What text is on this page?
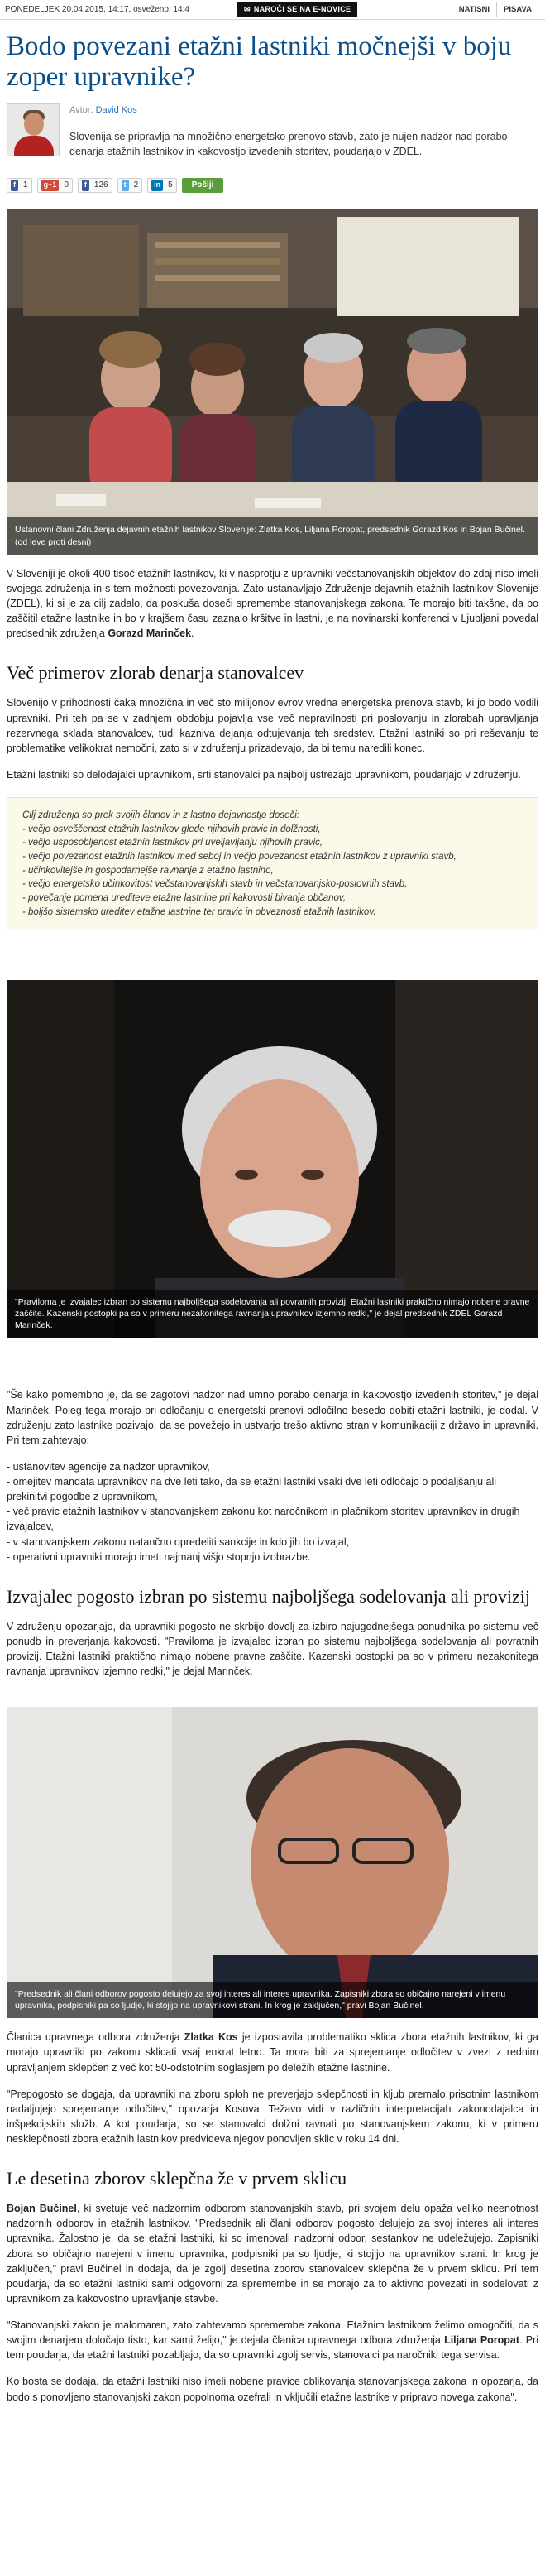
PONEDELJEK 20.04.2015, 14:17, osveženo: 14:4	✉ NAROČI SE NA E-NOVICE	NATISNI	PISAVA
Bodo povezani etažni lastniki močnejši v boju zoper upravnike?
Avtor: David Kos
Slovenija se pripravlja na množično energetsko prenovo stavb, zato je nujen nadzor nad porabo denarja etažnih lastnikov in kakovostjo izvedenih storitev, poudarjajo v ZDEL.
f 1	g+1 0	f 126	t 2	in 5 Pošlji
Ustanovni člani Združenja dejavnih etažnih lastnikov Slovenije: Zlatka Kos, Liljana Poropat, predsednik Gorazd Kos in Bojan Bučinel. (od leve proti desni)

V Sloveniji je okoli 400 tisoč etažnih lastnikov, ki v nasprotju z upravniki večstanovanjskih objektov do zdaj niso imeli svojega združenja in s tem možnosti povezovanja. Zato ustanavljajo Združenje dejavnih etažnih lastnikov Slovenije (ZDEL), ki si je za cilj zadalo, da poskuša doseči spremembe stanovanjskega zakona. Te morajo biti takšne, da bo zaščitil etažne lastnike in bo v krajšem času zaznalo kršitve in lastni, je na novinarski konferenci v Ljubljani povedal predsednik združenja Gorazd Marinček.

Več primerov zlorab denarja stanovalcev

Slovenijo v prihodnosti čaka množična in več sto milijonov evrov vredna energetska prenova stavb, ki jo bodo vodili upravniki. Pri teh pa se v zadnjem obdobju pojavlja vse več nepravilnosti pri poslovanju in zlorabah upravljanja rezervnega sklada stanovalcev, tudi kazniva dejanja odtujevanja teh sredstev. Etažni lastniki so pri reševanju te problematike velikokrat nemočni, zato si v združenju prizadevajo, da bi temu naredili konec.

Etažni lastniki so delodajalci upravnikom, srti stanovalci pa najbolj ustrezajo upravnikom, poudarjajo v združenju.

Cilj združenja so prek svojih članov in z lastno dejavnostjo doseči:
- večjo osveščenost etažnih lastnikov glede njihovih pravic in dolžnosti,
- večjo usposobljenost etažnih lastnikov pri uveljavljanju njihovih pravic,
- večjo povezanost etažnih lastnikov med seboj in večjo povezanost etažnih lastnikov z upravniki stavb,
- učinkovitejše in gospodarnejše ravnanje z etažno lastnino,
- večjo energetsko učinkovitost večstanovanjskih stavb in večstanovanjsko-poslovnih stavb,
- povečanje pomena urediteve etažne lastnine pri kakovosti bivanja občanov,
- boljšo sistemsko ureditev etažne lastnine ter pravic in obveznosti etažnih lastnikov.
"Praviloma je izvajalec izbran po sistemu najboljšega sodelovanja ali povratnih provizij. Etažni lastniki praktično nimajo nobene pravne zaščite. Kazenski postopki pa so v primeru nezakonitega ravnanja upravnikov izjemno redki," je dejal predsednik ZDEL Gorazd Marinček.

"Še kako pomembno je, da se zagotovi nadzor nad umno porabo denarja in kakovostjo izvedenih storitev," je dejal Marinček. Poleg tega morajo pri odločanju o energetski prenovi odločilno besedo dobiti etažni lastniki, je dodal. V združenju zato lastnike pozivajo, da se povežejo in ustvarjo trešo aktivno stran v komunikaciji z državo in upravniki. Pri tem zahtevajo:

- ustanovitev agencije za nadzor upravnikov,
- omejitev mandata upravnikov na dve leti tako, da se etažni lastniki vsaki dve leti odločajo o podaljšanju ali prekinitvi pogodbe z upravnikom,
- več pravic etažnih lastnikov v stanovanjskem zakonu kot naročnikom in plačnikom storitev upravnikov in drugih izvajalcev,
- v stanovanjskem zakonu natančno opredeliti sankcije in kdo jih bo izvajal,
- operativni upravniki morajo imeti najmanj višjo stopnjo izobrazbe.
Izvajalec pogosto izbran po sistemu najboljšega sodelovanja ali provizij

V združenju opozarjajo, da upravniki pogosto ne skrbijo dovolj za izbiro najugodnejšega ponudnika po sistemu več ponudb in preverjanja kakovosti. "Praviloma je izvajalec izbran po sistemu najboljšega sodelovanja ali povratnih provizij. Etažni lastniki praktično nimajo nobene pravne zaščite. Kazenski postopki pa so v primeru nezakonitega ravnanja upravnikov izjemno redki," je dejal Marinček.

"Predsednik ali člani odborov pogosto delujejo za svoj interes ali interes upravnika. Zapisniki zbora so običajno narejeni v imenu upravnika, podpisniki pa so ljudje, ki stojijo na upravnikovi strani. In krog je zaključen," pravi Bojan Bučinel.

Članica upravnega odbora združenja Zlatka Kos je izpostavila problematiko sklica zbora etažnih lastnikov, ki ga morajo upravniki po zakonu sklicati vsaj enkrat letno. Ta mora biti za sprejemanje odločitev v zvezi z rednim upravljanjem sklepčen z več kot 50-odstotnim soglasjem po deležih etažne lastnine.

"Prepogosto se dogaja, da upravniki na zboru sploh ne preverjajo sklepčnosti in kljub premalo prisotnim lastnikom nadaljujejo sprejemanje odločitev," opozarja Kosova. Težavo vidi v različnih interpretacijah zakonodajalca in inšpekcijskih služb. A kot poudarja, so se stanovalci dolžni ravnati po stanovanjskem zakonu, ki v primeru nesklepčnosti zbora etažnih lastnikov predvideva njegov ponovljen sklic v roku 14 dni.

Le desetina zborov sklepčna že v prvem sklicu

Bojan Bučinel, ki svetuje več nadzornim odborom stanovanjskih stavb, pri svojem delu opaža veliko neenotnost nadzornih odborov in etažnih lastnikov. "Predsednik ali člani odborov pogosto delujejo za svoj interes ali interes upravnika. Žalostno je, da se etažni lastniki, ki so imenovali nadzorni odbor, sestankov ne udeležujejo. Zapisniki zbora so običajno narejeni v imenu upravnika, podpisniki pa so ljudje, ki stojijo na upravnikov strani. In krog je zaključen," pravi Bučinel in dodaja, da je zgolj desetina zborov stanovalcev sklepčna že v prvem sklicu. Pri tem poudarja, da so etažni lastniki sami odgovorni za spremembe in se morajo za to aktivno povezati in sodelovati z upravnikom za kakovostno upravljanje stavbe.

"Stanovanjski zakon je malomaren, zato zahtevamo spremembe zakona. Etažnim lastnikom želimo omogočiti, da s svojim denarjem določajo tisto, kar sami želijo," je dejala članica upravnega odbora združenja Liljana Poropat. Pri tem poudarja, da etažni lastniki pozabljajo, da so upravniki zgolj servis, stanovalci pa naročniki tega servisa.

Ko bosta se dodaja, da etažni lastniki niso imeli nobene pravice oblikovanja stanovanjskega zakona in opozarja, da bodo s ponovljeno stanovanjski zakon popolnoma ozefrali in vključili etažne lastnike v pripravo novega zakona".
